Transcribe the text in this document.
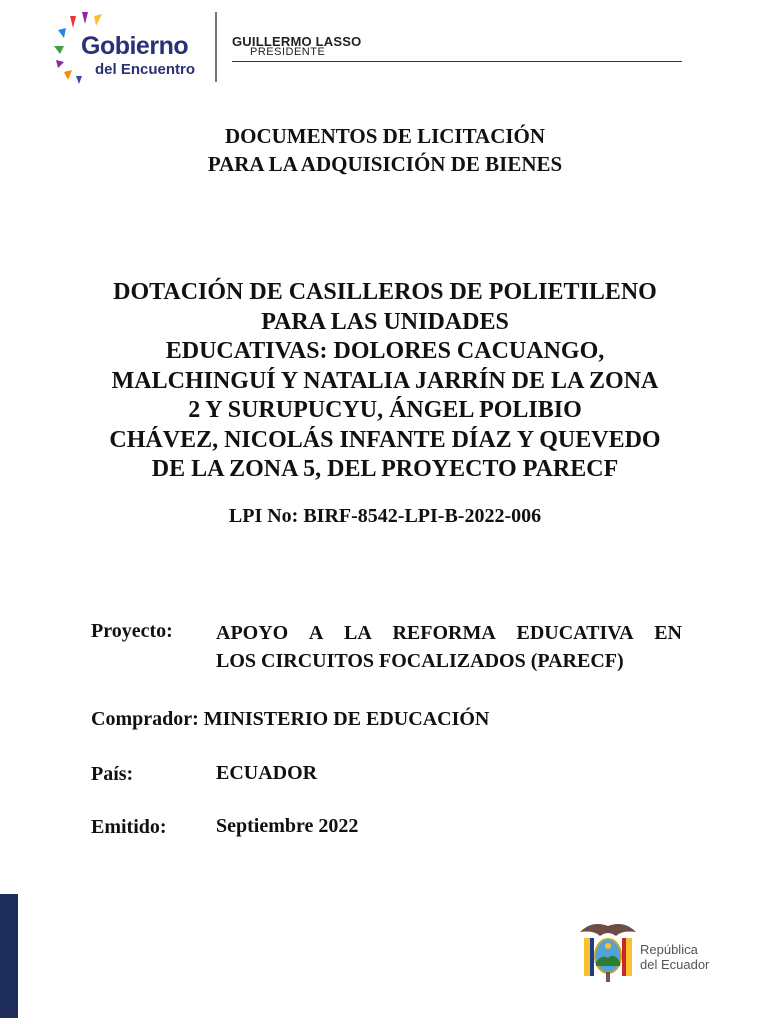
Gobierno
del Encuentro
GUILLERMO LASSO
PRESIDENTE
DOCUMENTOS DE LICITACIÓN
PARA LA ADQUISICIÓN DE BIENES
DOTACIÓN DE CASILLEROS DE POLIETILENO
PARA LAS UNIDADES
EDUCATIVAS: DOLORES CACUANGO,
MALCHINGUÍ Y NATALIA JARRÍN DE LA ZONA
2 Y SURUPUCYU, ÁNGEL POLIBIO
CHÁVEZ, NICOLÁS INFANTE DÍAZ Y QUEVEDO
DE LA ZONA 5, DEL PROYECTO PARECF
LPI No: BIRF-8542-LPI-B-2022-006
Proyecto: APOYO A LA REFORMA EDUCATIVA EN
LOS CIRCUITOS FOCALIZADOS (PARECF)
Comprador: MINISTERIO DE EDUCACIÓN
País:	ECUADOR
Emitido: Septiembre 2022
República
del Ecuador
